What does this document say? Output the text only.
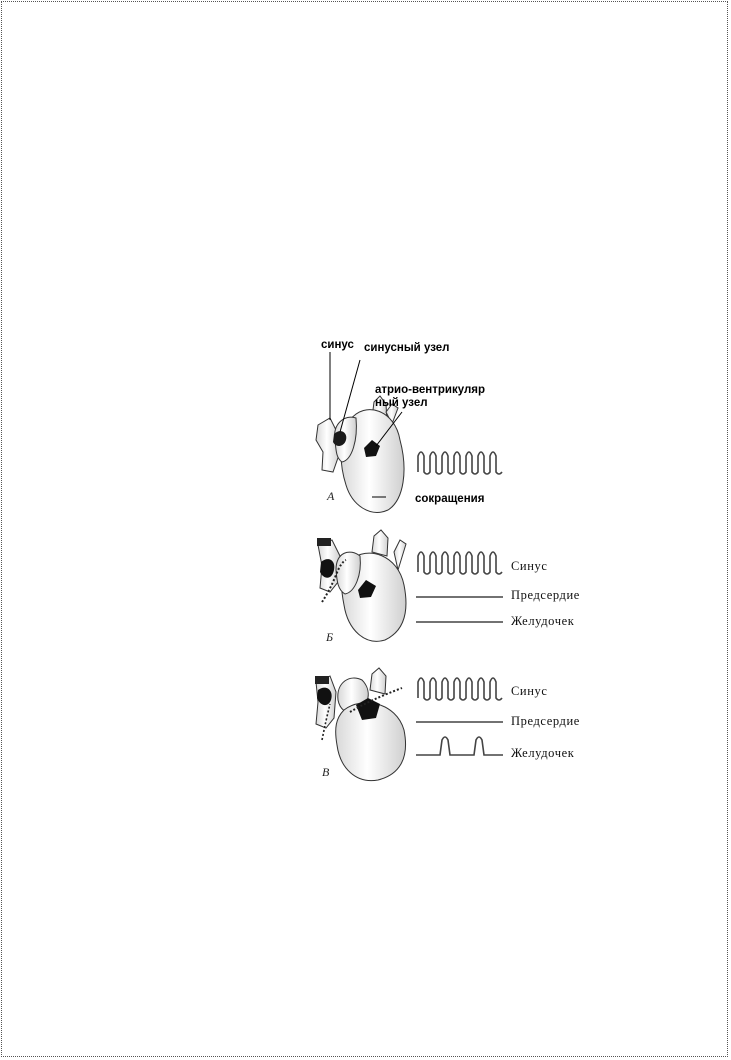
синус синусный узел
атрио-вентрикуляр
ный узел
сокращения
А
Б
Синус
Предсердие
Желудочек
В
Синус
Предсердие
Желудочек
